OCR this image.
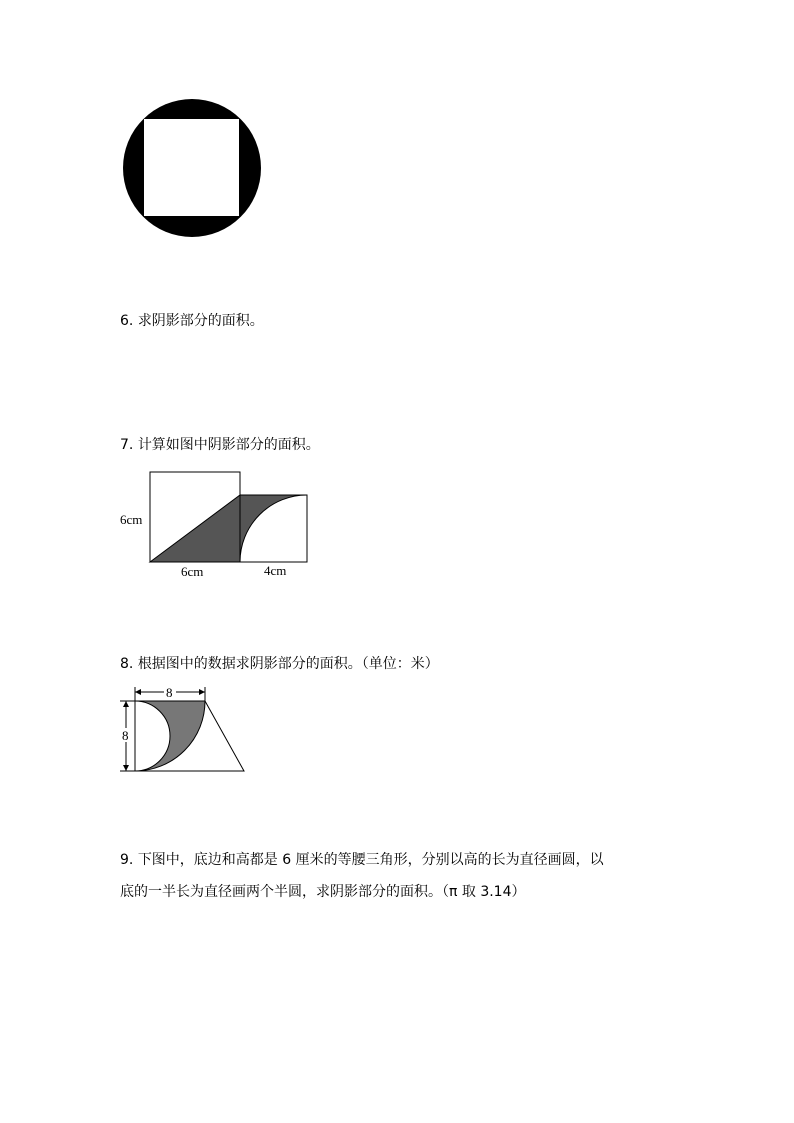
6. 求阴影部分的面积。
7. 计算如图中阴影部分的面积。
6cm
6cm	4cm
8. 根据图中的数据求阴影部分的面积。（单位：米）
8
8
9. 下图中，底边和高都是 6 厘米的等腰三角形，分别以高的长为直径画圆，以
底的一半长为直径画两个半圆，求阴影部分的面积。（π 取 3.14）
